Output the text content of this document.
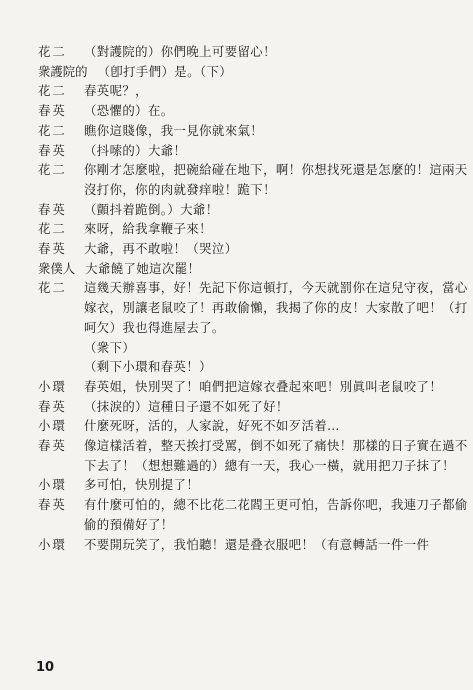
花二	（對護院的）你們晚上可要留心！
衆護院的 （卽打手們）是。（下）
花二	春英呢？，
春英	（恐懼的）在。
花二	瞧你這賤像，我一見你就來氣！
春英	（抖嗦的）大爺！
花二	你剛才怎麼啦，把碗給碰在地下，啊！你想找死還是怎麼的！這兩天沒打你，你的肉就發痒啦！跪下！
春英	（顫抖着跪倒。）大爺！
花二	來呀，給我拿鞭子來！
春英	大爺，再不敢啦！（哭泣）
衆僕人 大爺饒了她這次罷！
花二	這幾天辦喜事，好！先記下你這頓打，今天就罰你在這兒守夜，當心嫁衣，別讓老鼠咬了！再敢偷懶，我揭了你的皮！大家散了吧！（打呵欠）我也得進屋去了。
（衆下）
（剩下小環和春英！）
小環	春英姐，快別哭了！咱們把這嫁衣叠起來吧！別眞叫老鼠咬了！
春英	（抹淚的）這種日子還不如死了好！
小環	什麼死呀，活的，人家說，好死不如歹活着…
春英	像這樣活着，整天挨打受罵，倒不如死了痛快！那樣的日子實在過不下去了！（想想難過的）總有一天，我心一橫，就用把刀子抹了！
小環	多可怕，快別提了！
春英	有什麼可怕的，總不比花二花閻王更可怕，告訴你吧，我連刀子都偷偷的預備好了！
小環	不要開玩笑了，我怕聽！還是叠衣服吧！（有意轉話一件一件
10
